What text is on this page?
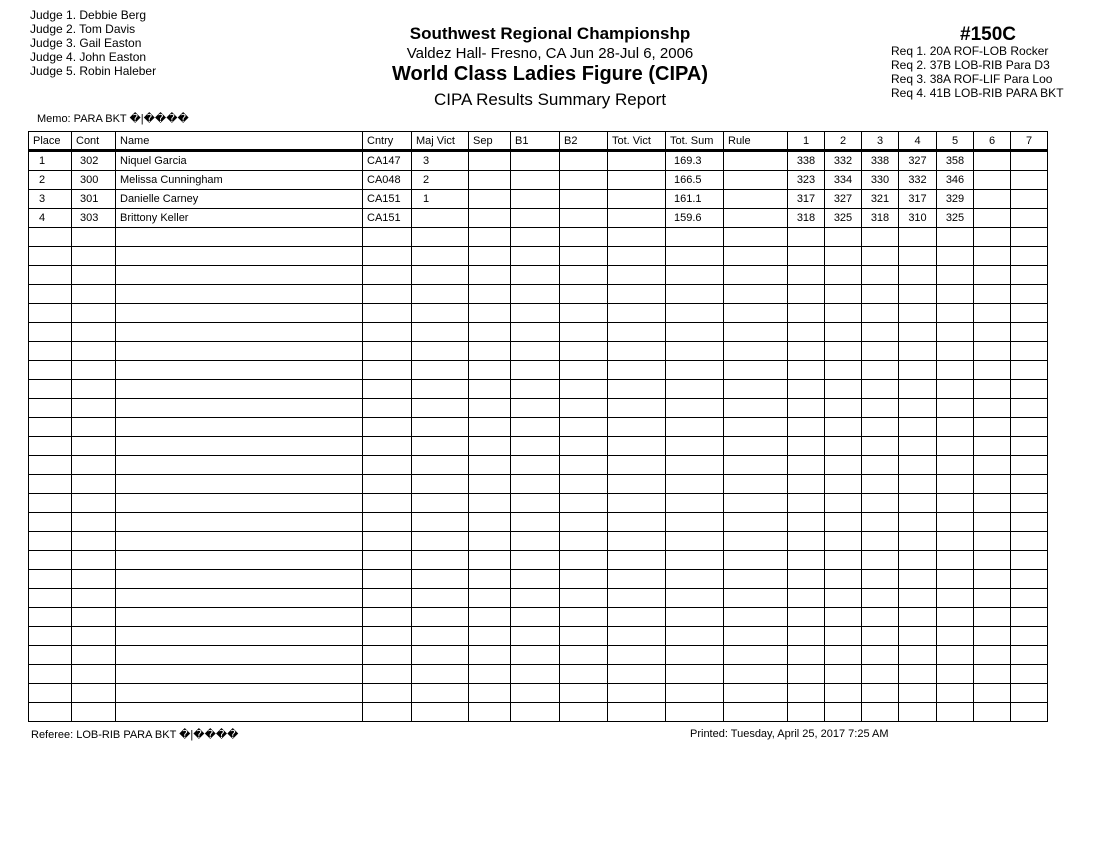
Judge 1. Debbie Berg
Judge 2. Tom Davis
Judge 3. Gail Easton
Judge 4. John Easton
Judge 5. Robin Haleber
Southwest Regional Championshp
Valdez Hall- Fresno, CA Jun 28-Jul 6, 2006
World Class Ladies Figure (CIPA)
CIPA Results Summary Report
#150C
Req 1. 20A ROF-LOB Rocker
Req 2. 37B LOB-RIB Para D3
Req 3. 38A ROF-LIF Para Loo
Req 4. 41B LOB-RIB PARA BKT
Memo: PARA BKT �|����
Place	Cont	Name	Cntry	Maj Vict	Sep	B1	B2	Tot. Vict	Tot. Sum	Rule	1	2	3	4	5	6	7
1	302	Niquel Garcia	CA147	3					169.3		338	332	338	327	358		
2	300	Melissa Cunningham	CA048	2					166.5		323	334	330	332	346		
3	301	Danielle Carney	CA151	1					161.1		317	327	321	317	329		
4	303	Brittony Keller	CA151						159.6		318	325	318	310	325		

Referee: LOB-RIB PARA BKT �|����	Printed: Tuesday, April 25, 2017 7:25 AM
